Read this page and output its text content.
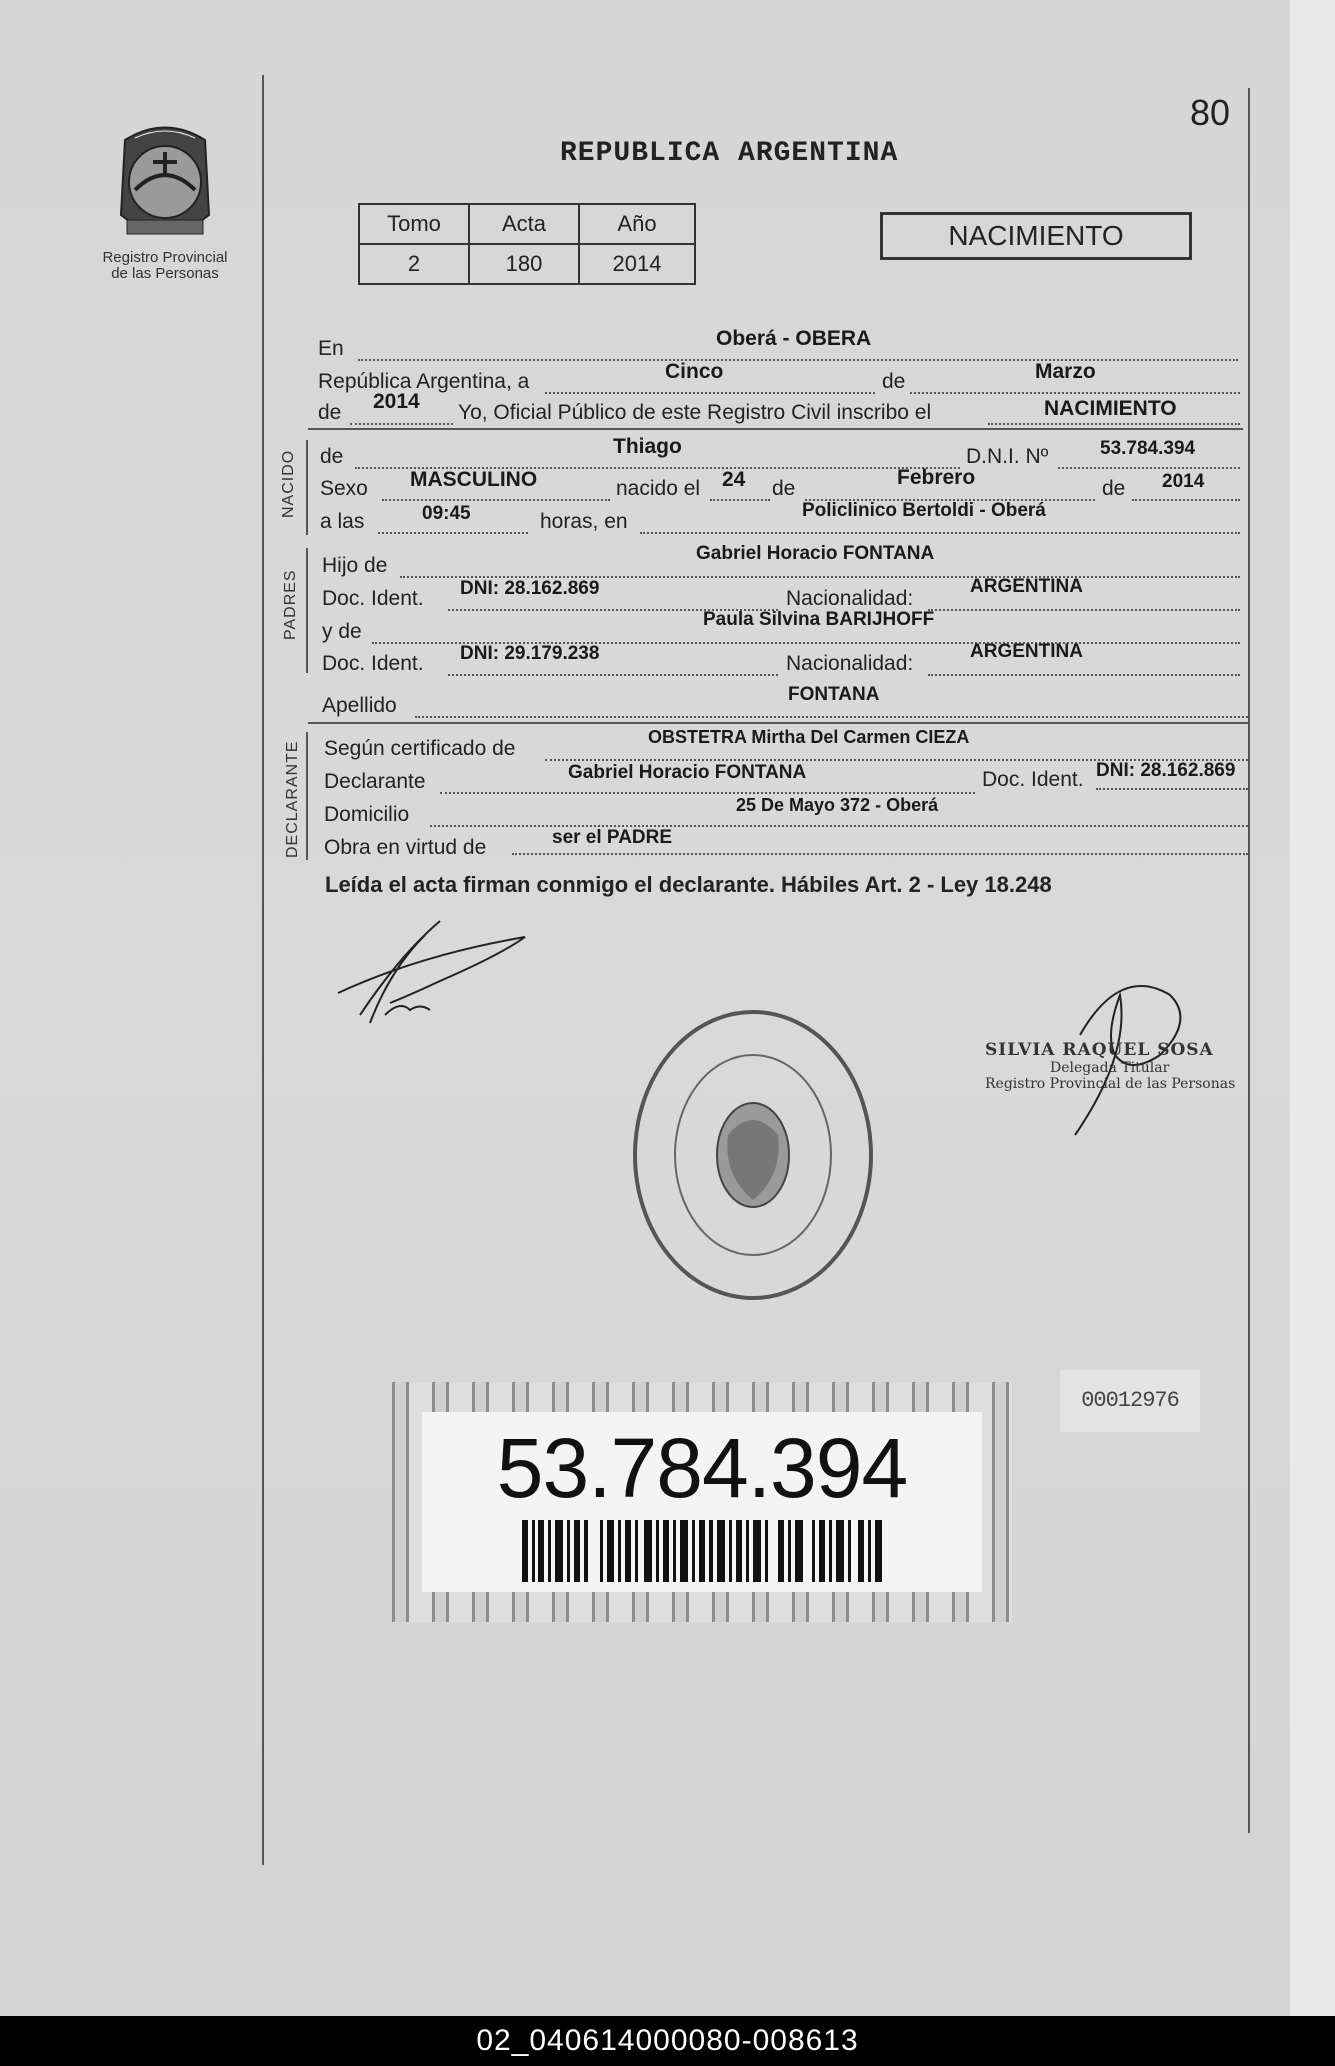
Registro Provincial
de las Personas
80
REPUBLICA ARGENTINA
Tomo	Acta	Año
2	180	2014
NACIMIENTO
En	Oberá - OBERA
República Argentina, a	Cinco	de	Marzo
de 2014 Yo, Oficial Público de este Registro Civil inscribo el	NACIMIENTO
NACIDO de	Thiago	D.N.I. Nº	53.784.394
Sexo MASCULINO	nacido el 24 de	Febrero	de 2014
a las	09:45	horas, en	Policlinico Bertoldi - Oberá
PADRES
Hijo de
Gabriel Horacio FONTANA
Doc. Ident. DNI: 28.162.869	Nacionalidad:
ARGENTINA
y de
Paula Silvina BARIJHOFF
Doc. Ident. DNI: 29.179.238	Nacionalidad:
ARGENTINA
Apellido	FONTANA
DECLARANTE Según certificado de	OBSTETRA Mirtha Del Carmen CIEZA
Declarante	Gabriel Horacio FONTANA	Doc. Ident. DNI: 28.162.869
Domicilio	25 De Mayo 372 - Oberá
Obra en virtud de	ser el PADRE
Leída el acta firman conmigo el declarante. Hábiles Art. 2 - Ley 18.248
SILVIA RAQUEL SOSA
Delegada Titular
Registro Provincial de las Personas
00012976
53.784.394
02_040614000080-008613
